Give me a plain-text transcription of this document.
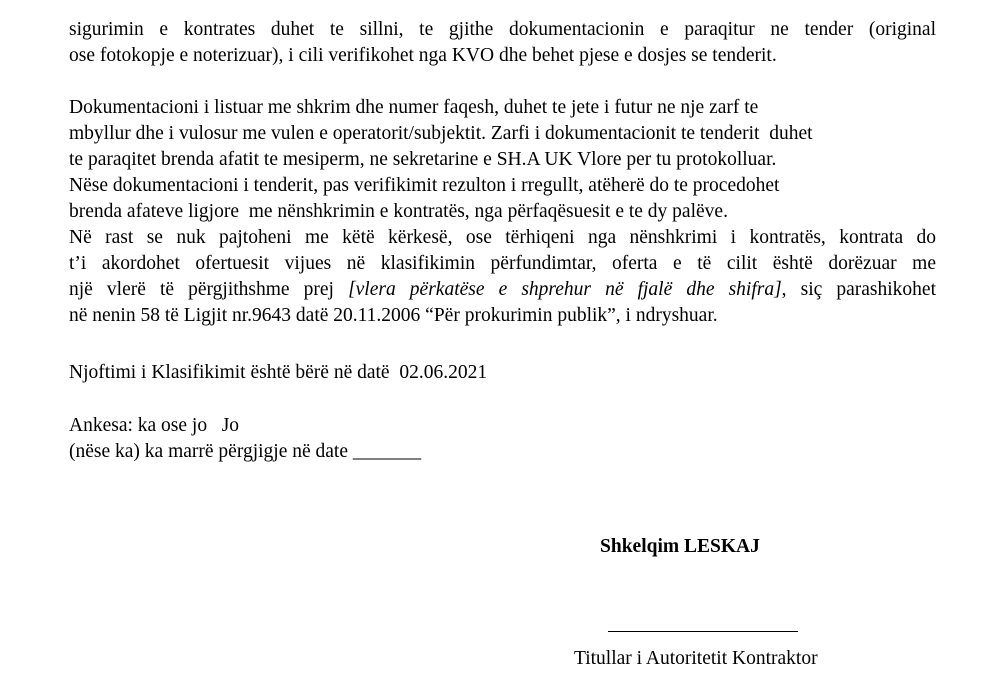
sigurimin e kontrates duhet te sillni, te gjithe dokumentacionin e paraqitur ne tender (original
ose fotokopje e noterizuar), i cili verifikohet nga KVO dhe behet pjese e dosjes se tenderit.
Dokumentacioni i listuar me shkrim dhe numer faqesh, duhet te jete i futur ne nje zarf te
mbyllur dhe i vulosur me vulen e operatorit/subjektit. Zarfi i dokumentacionit te tenderit  duhet
te paraqitet brenda afatit te mesiperm, ne sekretarine e SH.A UK Vlore per tu protokolluar.
Nëse dokumentacioni i tenderit, pas verifikimit rezulton i rregullt, atëherë do te procedohet
brenda afateve ligjore  me nënshkrimin e kontratës, nga përfaqësuesit e te dy palëve.
Në rast se nuk pajtoheni me këtë kërkesë, ose tërhiqeni nga nënshkrimi i kontratës, kontrata do
t’i akordohet ofertuesit vijues në klasifikimin përfundimtar, oferta e të cilit është dorëzuar me
një vlerë të përgjithshme prej [vlera përkatëse e shprehur në fjalë dhe shifra], siç parashikohet
në nenin 58 të Ligjit nr.9643 datë 20.11.2006 “Për prokurimin publik”, i ndryshuar.
Njoftimi i Klasifikimit është bërë në datë  02.06.2021
Ankesa: ka ose jo   Jo
(nëse ka) ka marrë përgjigje në date _______
Shkelqim LESKAJ
Titullar i Autoritetit Kontraktor
